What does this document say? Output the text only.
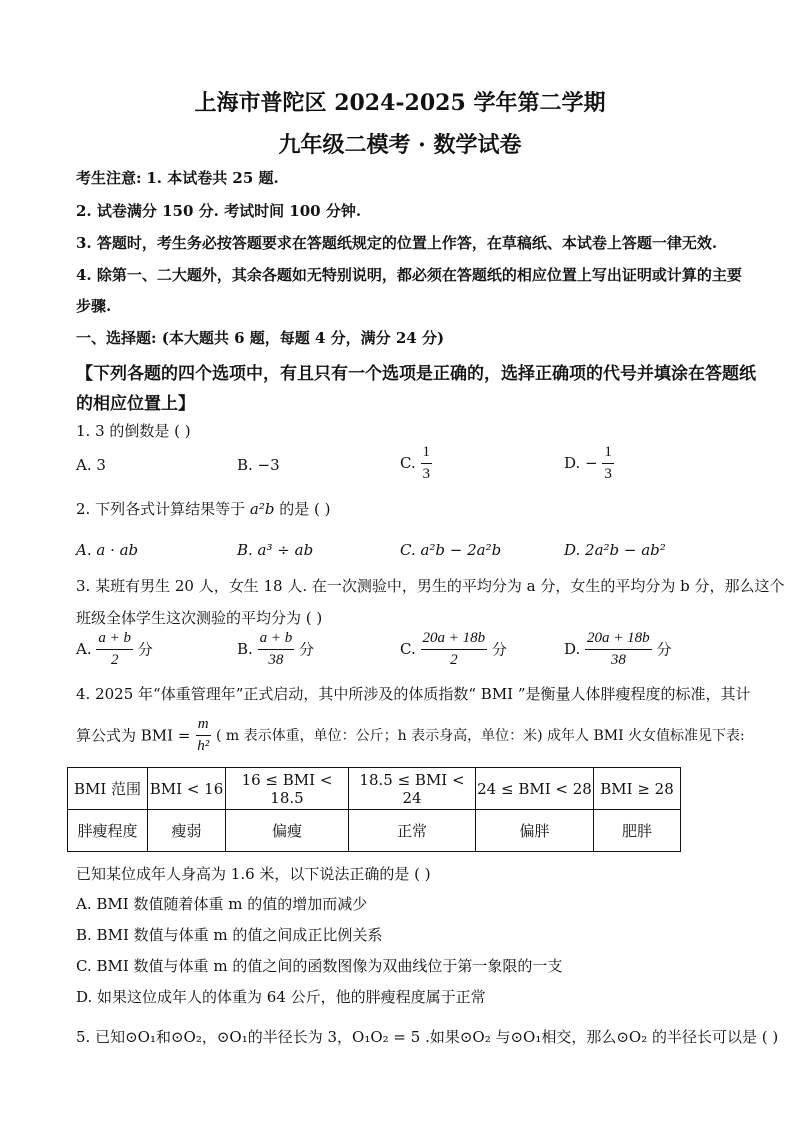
上海市普陀区 2024-2025 学年第二学期
九年级二模考 · 数学试卷
考生注意: 1. 本试卷共 25 题.
2. 试卷满分 150 分. 考试时间 100 分钟.
3. 答题时，考生务必按答题要求在答题纸规定的位置上作答，在草稿纸、本试卷上答题一律无效.
4. 除第一、二大题外，其余各题如无特别说明，都必须在答题纸的相应位置上写出证明或计算的主要
步骤.
一、选择题: (本大题共 6 题，每题 4 分，满分 24 分)
【下列各题的四个选项中，有且只有一个选项是正确的，选择正确项的代号并填涂在答题纸
的相应位置上】
1. 3 的倒数是 ( )
A. 3	B. −3	C. $\frac{1}{3}$	D. − $\frac{1}{3}$
2. 下列各式计算结果等于 a²b 的是 ( )
A. a · ab	B. a³ ÷ ab	C. a²b − 2a²b	D. 2a²b − ab²
3. 某班有男生 20 人，女生 18 人. 在一次测验中，男生的平均分为 a 分，女生的平均分为 b 分，那么这个
班级全体学生这次测验的平均分为 ( )
A. $\frac{a + b}{2}$ 分	B. $\frac{a + b}{38}$ 分	C. $\frac{20a + 18b}{2}$ 分	D. $\frac{20a + 18b}{38}$ 分
4. 2025 年“体重管理年”正式启动，其中所涉及的体质指数“ BMI ”是衡量人体胖瘦程度的标准，其计
算公式为 BMI = $\frac{m}{\text{h²}}$ ( m 表示体重，单位：公斤；h 表示身高，单位：米) 成年人 BMI 火女值标准见下表:
BMI 范围	BMI < 16	16 ≤ BMI < 18.5	18.5 ≤ BMI < 24	24 ≤ BMI < 28	BMI ≥ 28
胖瘦程度	瘦弱	偏瘦	正常	偏胖	肥胖
已知某位成年人身高为 1.6 米，以下说法正确的是 ( )
A. BMI 数值随着体重 m 的值的增加而减少
B. BMI 数值与体重 m 的值之间成正比例关系
C. BMI 数值与体重 m 的值之间的函数图像为双曲线位于第一象限的一支
D. 如果这位成年人的体重为 64 公斤，他的胖瘦程度属于正常
5. 已知⊙O₁和⊙O₂，⊙O₁的半径长为 3，O₁O₂ = 5 .如果⊙O₂ 与⊙O₁相交，那么⊙O₂ 的半径长可以是 ( )
